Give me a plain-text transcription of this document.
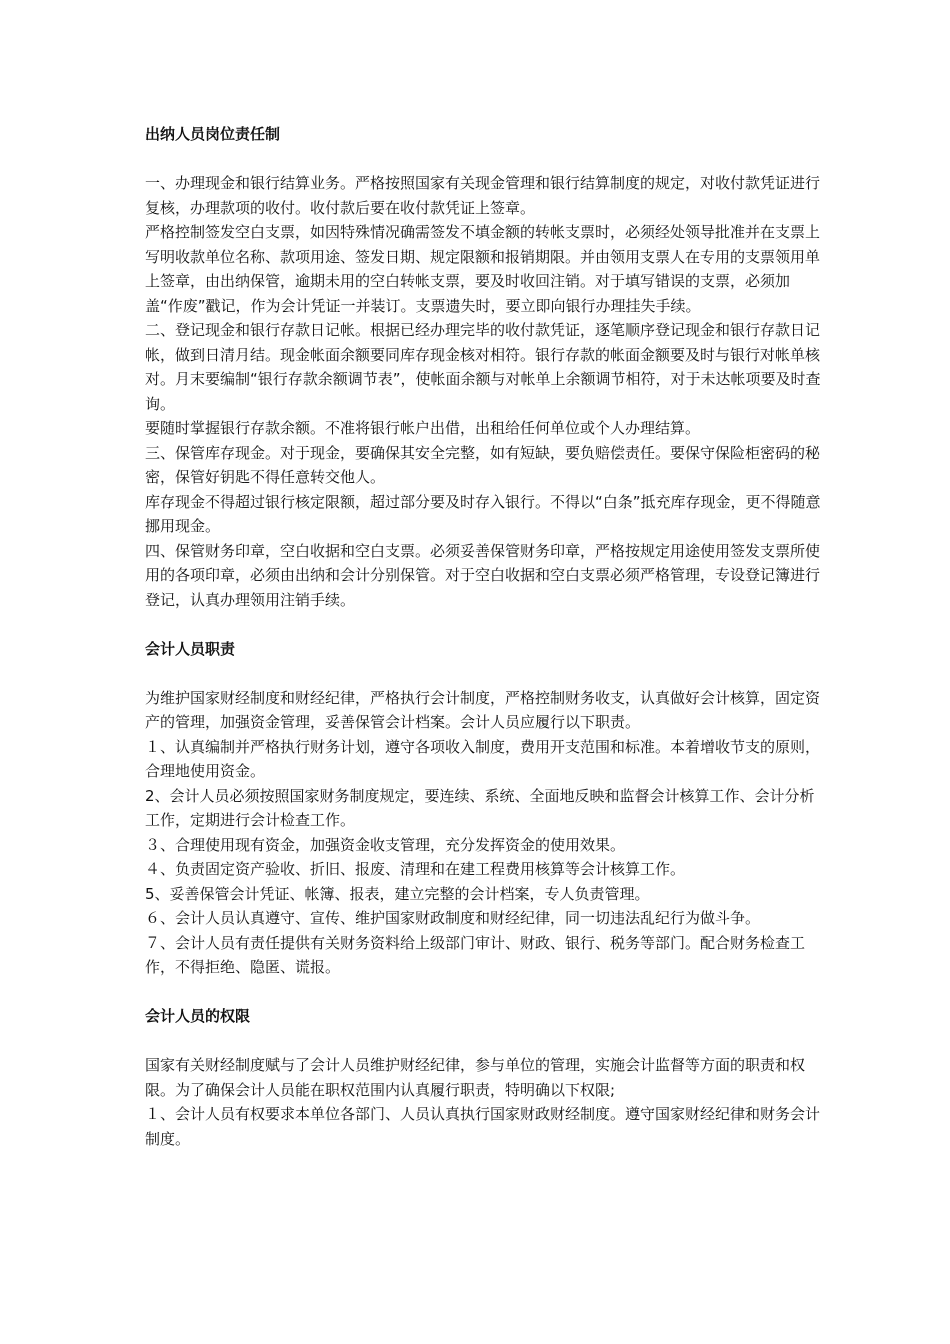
出纳人员岗位责任制

一、办理现金和银行结算业务。严格按照国家有关现金管理和银行结算制度的规定，对收付款凭证进行复核，办理款项的收付。收付款后要在收付款凭证上签章。

严格控制签发空白支票，如因特殊情况确需签发不填金额的转帐支票时，必须经处领导批准并在支票上写明收款单位名称、款项用途、签发日期、规定限额和报销期限。并由领用支票人在专用的支票领用单上签章，由出纳保管，逾期未用的空白转帐支票，要及时收回注销。对于填写错误的支票，必须加盖“作废”戳记，作为会计凭证一并装订。支票遗失时，要立即向银行办理挂失手续。

二、登记现金和银行存款日记帐。根据已经办理完毕的收付款凭证，逐笔顺序登记现金和银行存款日记帐，做到日清月结。现金帐面余额要同库存现金核对相符。银行存款的帐面金额要及时与银行对帐单核对。月末要编制“银行存款余额调节表”，使帐面余额与对帐单上余额调节相符，对于未达帐项要及时查询。

要随时掌握银行存款余额。不准将银行帐户出借，出租给任何单位或个人办理结算。

三、保管库存现金。对于现金，要确保其安全完整，如有短缺，要负赔偿责任。要保守保险柜密码的秘密，保管好钥匙不得任意转交他人。

库存现金不得超过银行核定限额，超过部分要及时存入银行。不得以“白条”抵充库存现金，更不得随意挪用现金。

四、保管财务印章，空白收据和空白支票。必须妥善保管财务印章，严格按规定用途使用签发支票所使用的各项印章，必须由出纳和会计分别保管。对于空白收据和空白支票必须严格管理，专设登记簿进行登记，认真办理领用注销手续。

会计人员职责

为维护国家财经制度和财经纪律，严格执行会计制度，严格控制财务收支，认真做好会计核算，固定资产的管理，加强资金管理，妥善保管会计档案。会计人员应履行以下职责。

１、认真编制并严格执行财务计划，遵守各项收入制度，费用开支范围和标准。本着增收节支的原则，合理地使用资金。

2、会计人员必须按照国家财务制度规定，要连续、系统、全面地反映和监督会计核算工作、会计分析工作，定期进行会计检查工作。

３、合理使用现有资金，加强资金收支管理，充分发挥资金的使用效果。

４、负责固定资产验收、折旧、报废、清理和在建工程费用核算等会计核算工作。

5、妥善保管会计凭证、帐簿、报表，建立完整的会计档案，专人负责管理。

６、会计人员认真遵守、宣传、维护国家财政制度和财经纪律，同一切违法乱纪行为做斗争。

７、会计人员有责任提供有关财务资料给上级部门审计、财政、银行、税务等部门。配合财务检查工作，不得拒绝、隐匿、谎报。

会计人员的权限

国家有关财经制度赋与了会计人员维护财经纪律，参与单位的管理，实施会计监督等方面的职责和权限。为了确保会计人员能在职权范围内认真履行职责，特明确以下权限;

１、会计人员有权要求本单位各部门、人员认真执行国家财政财经制度。遵守国家财经纪律和财务会计制度。
